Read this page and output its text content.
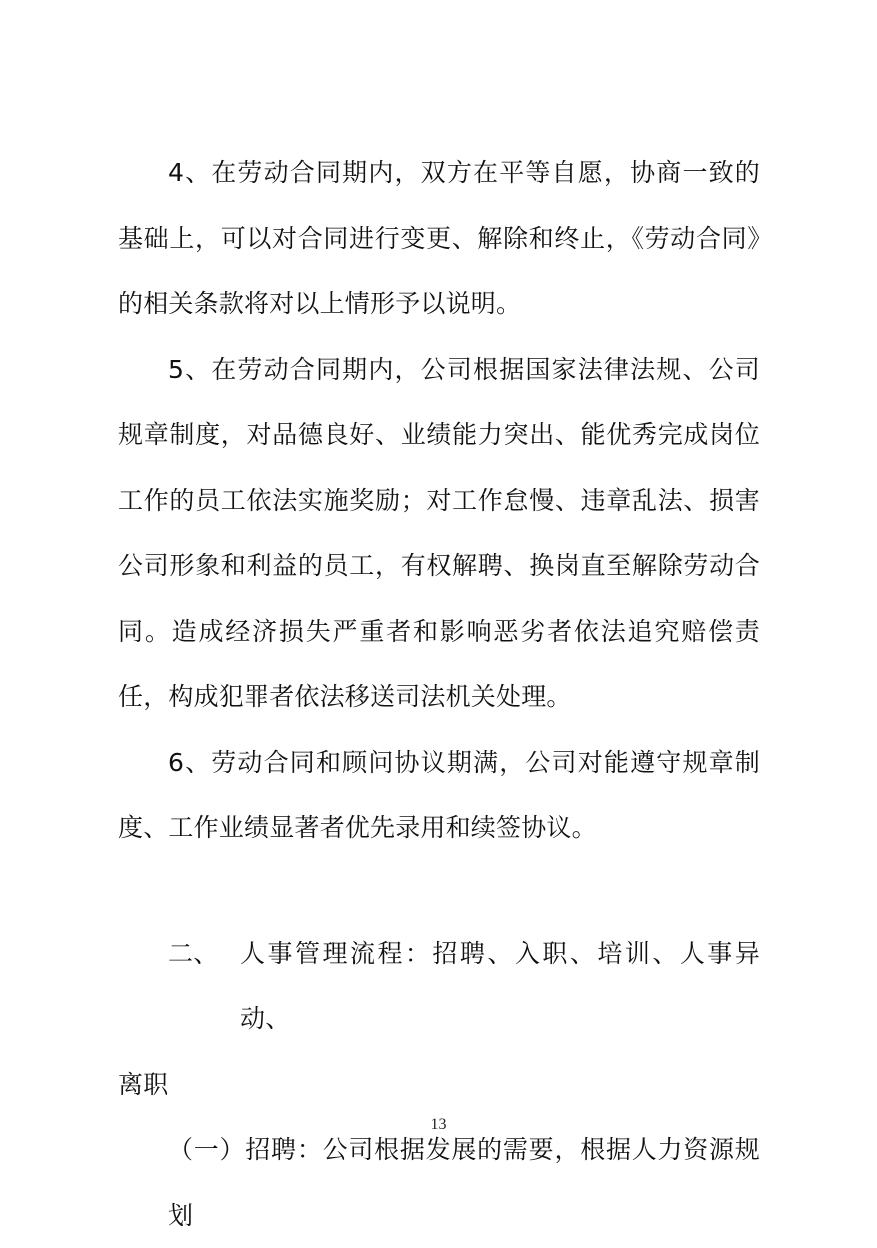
4、在劳动合同期内，双方在平等自愿，协商一致的基础上，可以对合同进行变更、解除和终止，《劳动合同》的相关条款将对以上情形予以说明。

5、在劳动合同期内，公司根据国家法律法规、公司规章制度，对品德良好、业绩能力突出、能优秀完成岗位工作的员工依法实施奖励；对工作怠慢、违章乱法、损害公司形象和利益的员工，有权解聘、换岗直至解除劳动合同。造成经济损失严重者和影响恶劣者依法追究赔偿责任，构成犯罪者依法移送司法机关处理。

6、劳动合同和顾问协议期满，公司对能遵守规章制度、工作业绩显著者优先录用和续签协议。

二、 人事管理流程：招聘、入职、培训、人事异动、

离职

（一）招聘：公司根据发展的需要，根据人力资源规划

13
